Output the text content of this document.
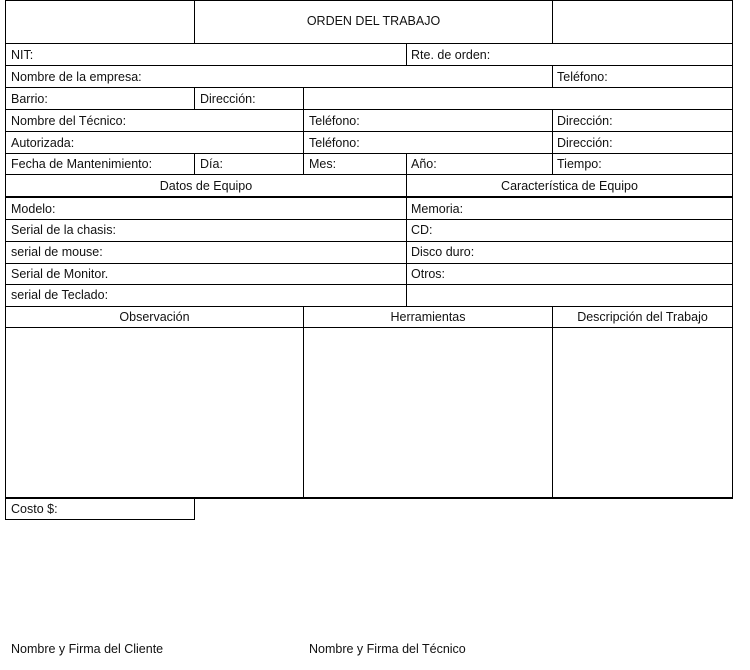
ORDEN DEL TRABAJO
NIT:	Rte. de orden:
Nombre de la empresa:	Teléfono:
Barrio:	Dirección:
Nombre del Técnico:	Teléfono:	Dirección:
Autorizada:	Teléfono:	Dirección:
Fecha de Mantenimiento:	Día:	Mes:	Año:	Tiempo:
Datos de Equipo	Característica de Equipo
Modelo:	Memoria:
Serial de la chasis:	CD:
serial de mouse:	Disco duro:
Serial de Monitor.	Otros:
serial de Teclado:
Observación	Herramientas	Descripción del Trabajo
Costo $:
Nombre y Firma del Cliente	Nombre y Firma del Técnico
